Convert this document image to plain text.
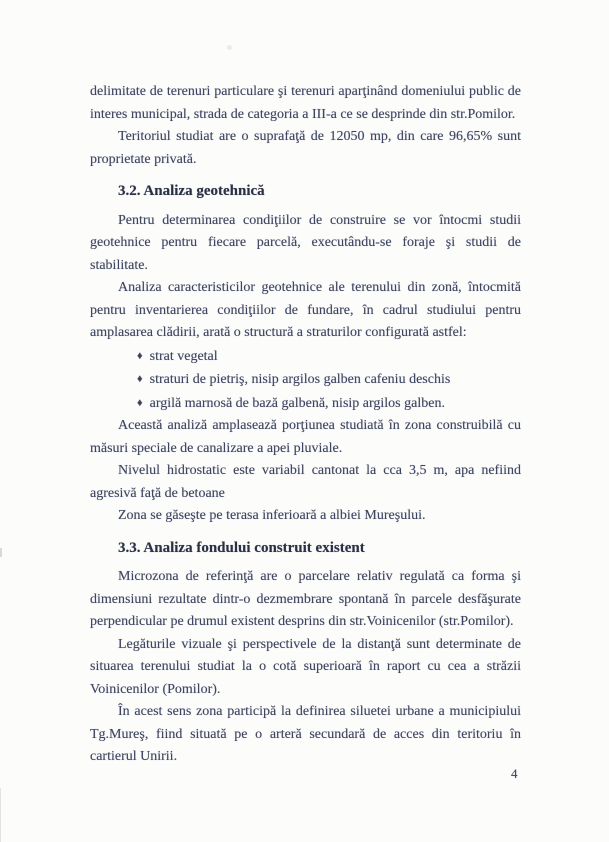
delimitate de terenuri particulare şi terenuri aparţinând domeniului public de interes municipal, strada de categoria a III-a ce se desprinde din str.Pomilor.

Teritoriul studiat are o suprafaţă de 12050 mp, din care 96,65% sunt proprietate privată.

3.2. Analiza geotehnică

Pentru determinarea condiţiilor de construire se vor întocmi studii geotehnice pentru fiecare parcelă, executându-se foraje şi studii de stabilitate.

Analiza caracteristicilor geotehnice ale terenului din zonă, întocmită pentru inventarierea condiţiilor de fundare, în cadrul studiului pentru amplasarea clădirii, arată o structură a straturilor configurată astfel:

♦ strat vegetal
♦ straturi de pietriş, nisip argilos galben cafeniu deschis
♦ argilă marnosă de bază galbenă, nisip argilos galben.

Această analiză amplasează porţiunea studiată în zona construibilă cu măsuri speciale de canalizare a apei pluviale.

Nivelul hidrostatic este variabil cantonat la cca 3,5 m, apa nefiind agresivă faţă de betoane

Zona se găseşte pe terasa inferioară a albiei Mureşului.

3.3. Analiza fondului construit existent

Microzona de referinţă are o parcelare relativ regulată ca forma şi dimensiuni rezultate dintr-o dezmembrare spontană în parcele desfăşurate perpendicular pe drumul existent desprins din str.Voinicenilor (str.Pomilor).

Legăturile vizuale şi perspectivele de la distanţă sunt determinate de situarea terenului studiat la o cotă superioară în raport cu cea a străzii Voinicenilor (Pomilor).

În acest sens zona participă la definirea siluetei urbane a municipiului Tg.Mureş, fiind situată pe o arteră secundară de acces din teritoriu în cartierul Unirii.

4
